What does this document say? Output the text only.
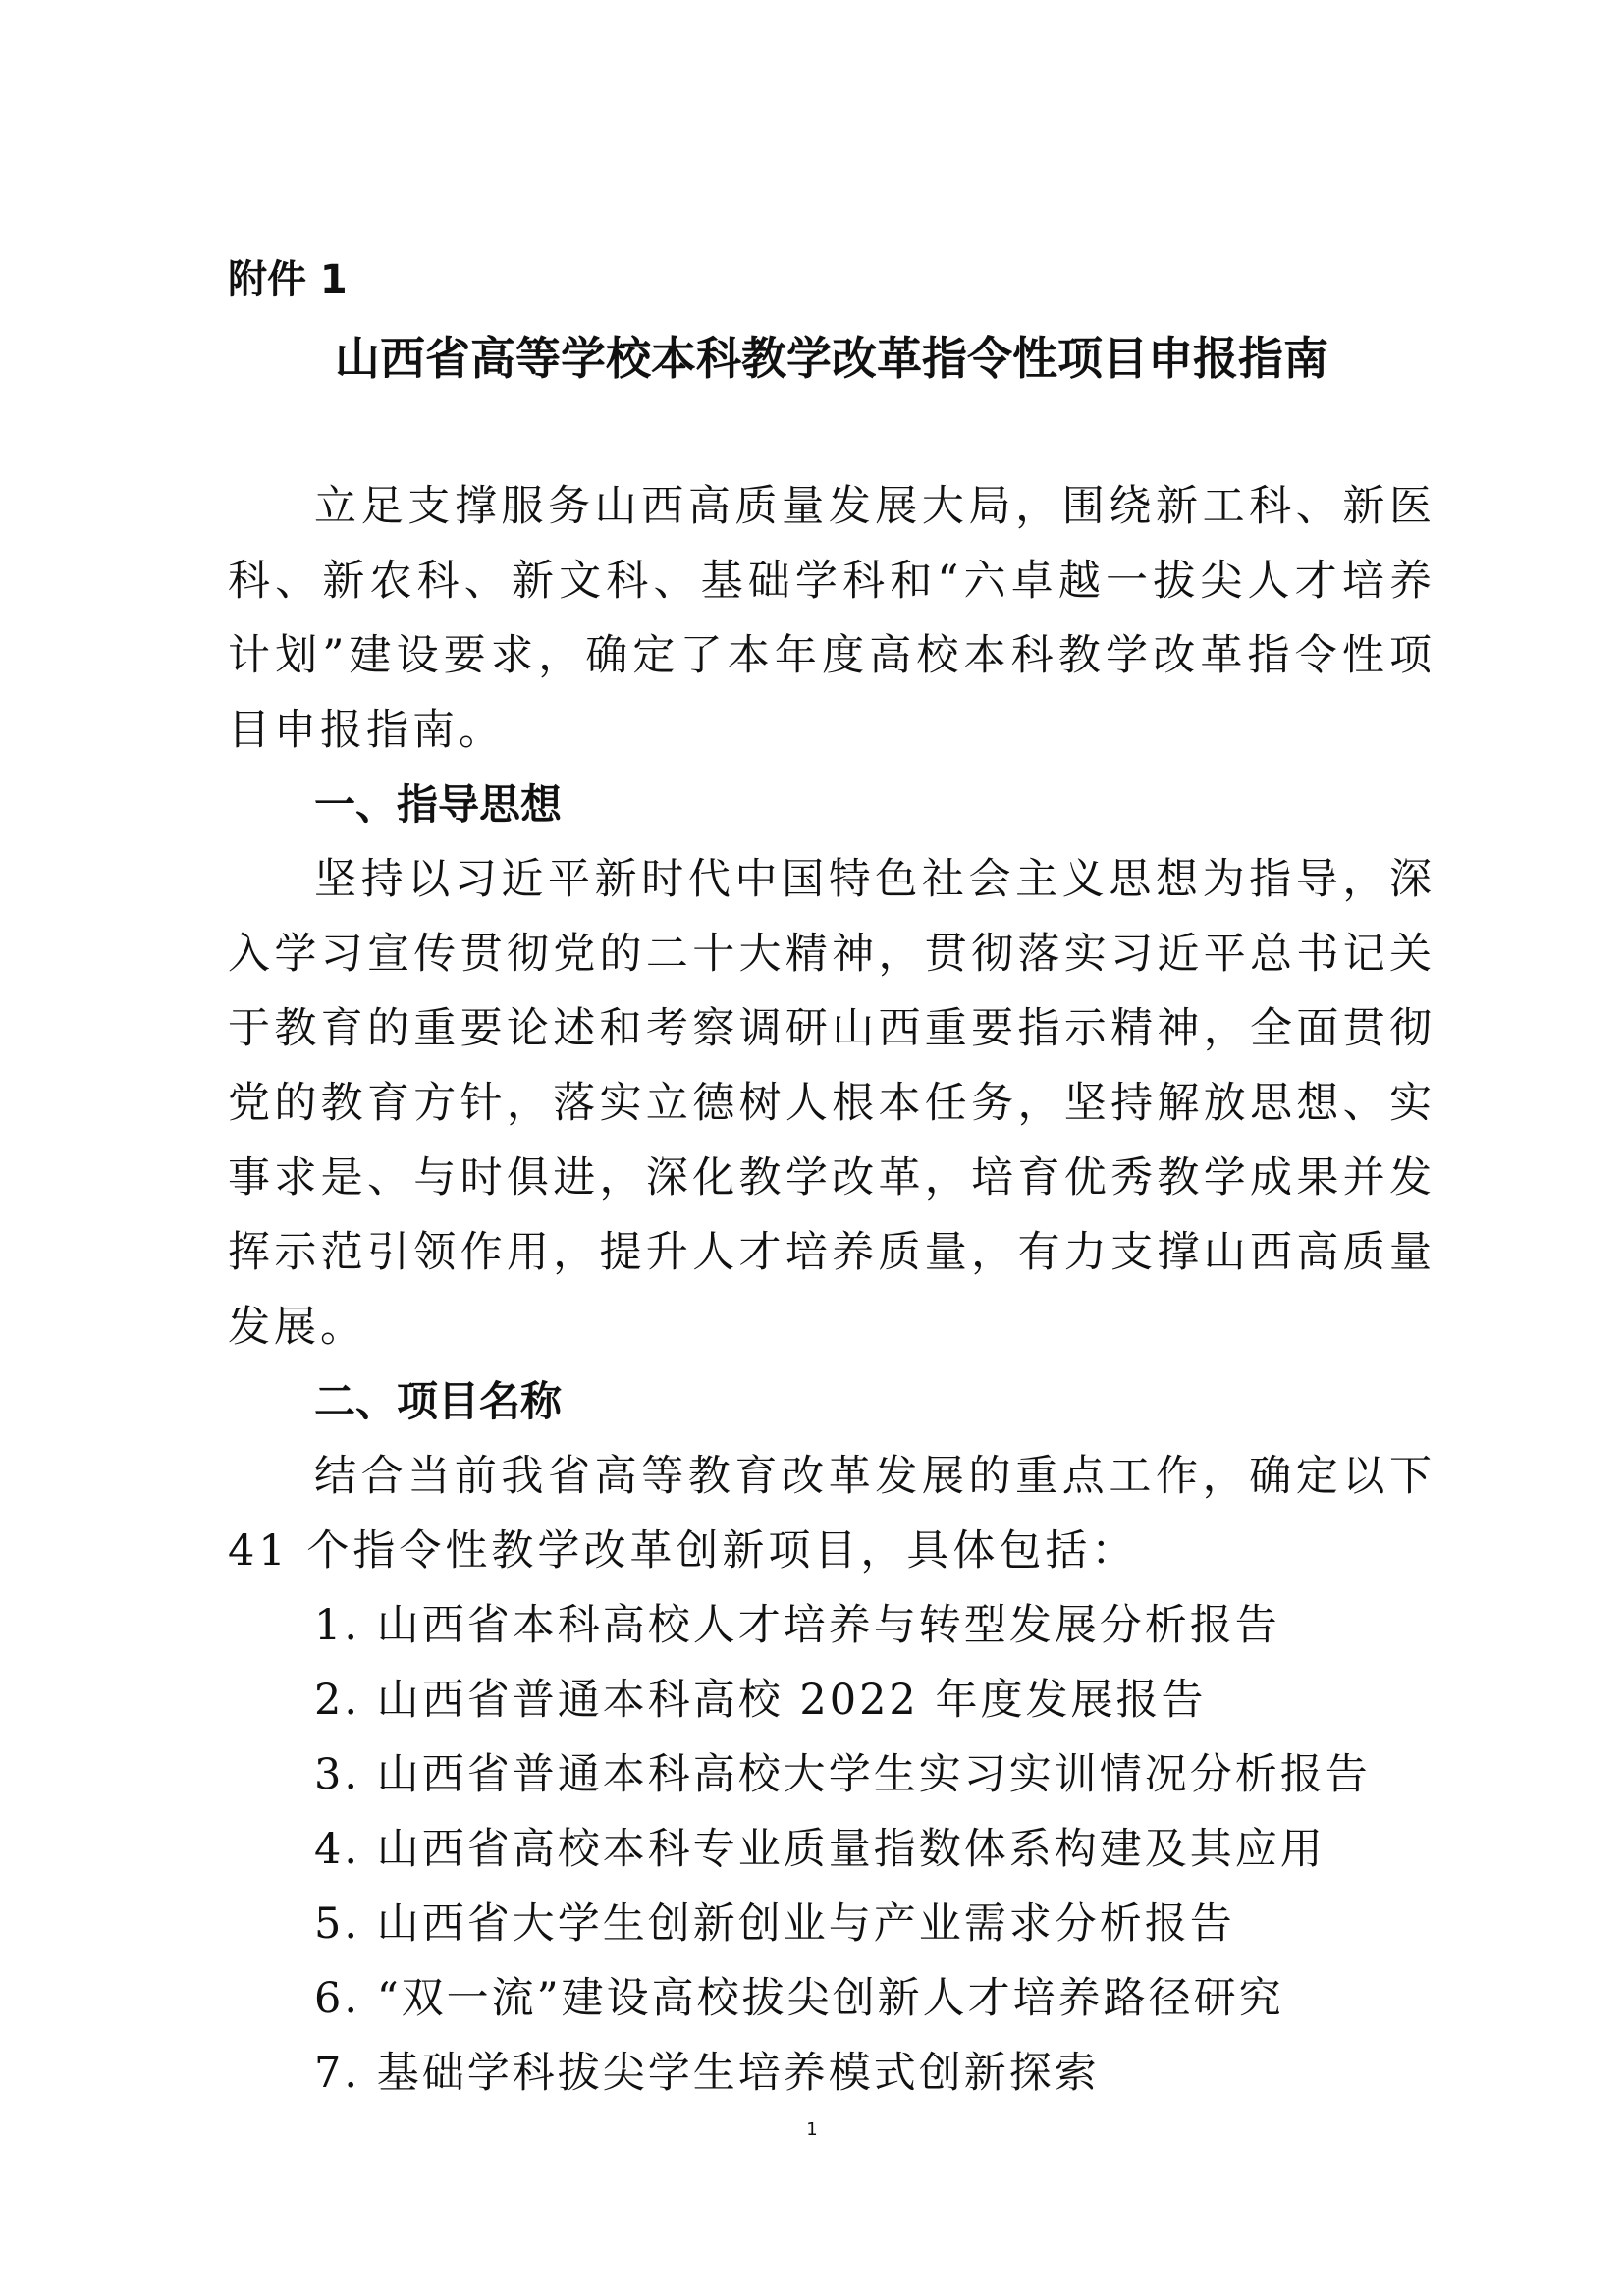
附件 1
山西省高等学校本科教学改革指令性项目申报指南

立足支撑服务山西高质量发展大局，围绕新工科、新医科、新农科、新文科、基础学科和“六卓越一拔尖人才培养计划”建设要求，确定了本年度高校本科教学改革指令性项目申报指南。

一、指导思想

坚持以习近平新时代中国特色社会主义思想为指导，深入学习宣传贯彻党的二十大精神，贯彻落实习近平总书记关于教育的重要论述和考察调研山西重要指示精神，全面贯彻党的教育方针，落实立德树人根本任务，坚持解放思想、实事求是、与时俱进，深化教学改革，培育优秀教学成果并发挥示范引领作用，提升人才培养质量，有力支撑山西高质量发展。

二、项目名称

结合当前我省高等教育改革发展的重点工作，确定以下 41 个指令性教学改革创新项目，具体包括：

1. 山西省本科高校人才培养与转型发展分析报告
2. 山西省普通本科高校 2022 年度发展报告
3. 山西省普通本科高校大学生实习实训情况分析报告
4. 山西省高校本科专业质量指数体系构建及其应用
5. 山西省大学生创新创业与产业需求分析报告
6. “双一流”建设高校拔尖创新人才培养路径研究
7. 基础学科拔尖学生培养模式创新探索
1
